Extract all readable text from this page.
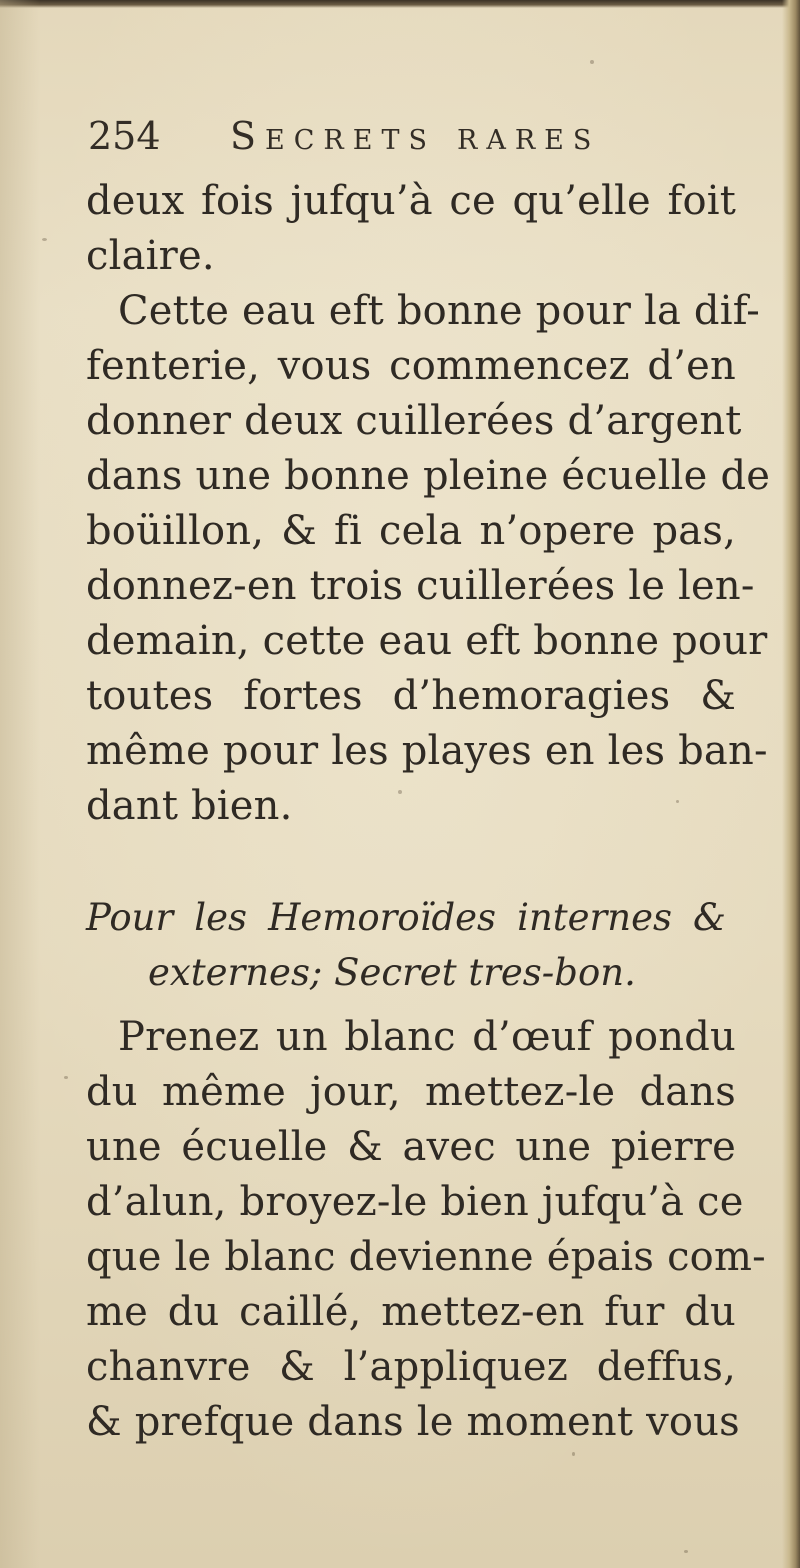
254 Secrets rares
deux fois jufqu’à ce qu’elle foit
claire.
Cette eau eft bonne pour la dif-
fenterie, vous commencez d’en
donner deux cuillerées d’argent
dans une bonne pleine écuelle de
boüillon, & fi cela n’opere pas,
donnez-en trois cuillerées le len-
demain, cette eau eft bonne pour
toutes fortes d’hemoragies &
même pour les playes en les ban-
dant bien.
Pour les Hemoroïdes internes &
externes; Secret tres-bon.
Prenez un blanc d’œuf pondu
du même jour, mettez-le dans
une écuelle & avec une pierre
d’alun, broyez-le bien jufqu’à ce
que le blanc devienne épais com-
me du caillé, mettez-en fur du
chanvre & l’appliquez deffus,
& prefque dans le moment vous
